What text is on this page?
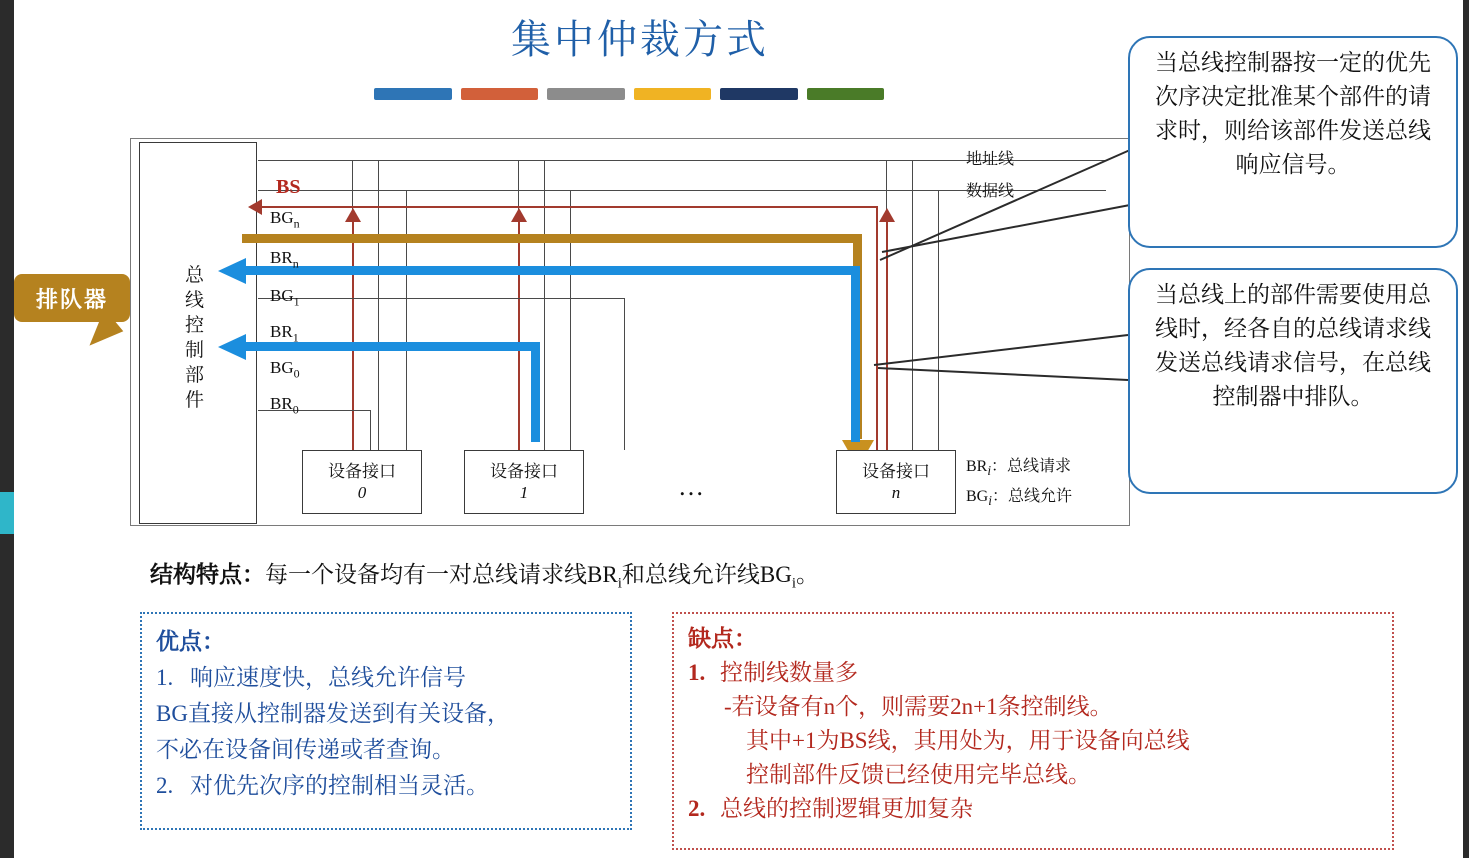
集中仲裁方式
总线控制部件
地址线
数据线
BS
$BG_n$
$BR_n$
$BG_1$
$BR_1$
$BG_0$
$BR_0$
设备接口
0
设备接口
1
设备接口
n
…
$BR_i$：总线请求
$BG_i$：总线允许
排队器
当总线控制器按一定的优先次序决定批准某个部件的请求时，则给该部件发送总线响应信号。
当总线上的部件需要使用总线时，经各自的总线请求线发送总线请求信号，在总线控制器中排队。
结构特点：每一个设备均有一对总线请求线$BR_i$和总线允许线$BG_i$。
优点：
1. 响应速度快，总线允许信号
BG直接从控制器发送到有关设备，
不必在设备间传递或者查询。
2. 对优先次序的控制相当灵活。
缺点：
1. 控制线数量多
-若设备有n个，则需要2n+1条控制线。
其中+1为BS线，其用处为，用于设备向总线
控制部件反馈已经使用完毕总线。
2. 总线的控制逻辑更加复杂
